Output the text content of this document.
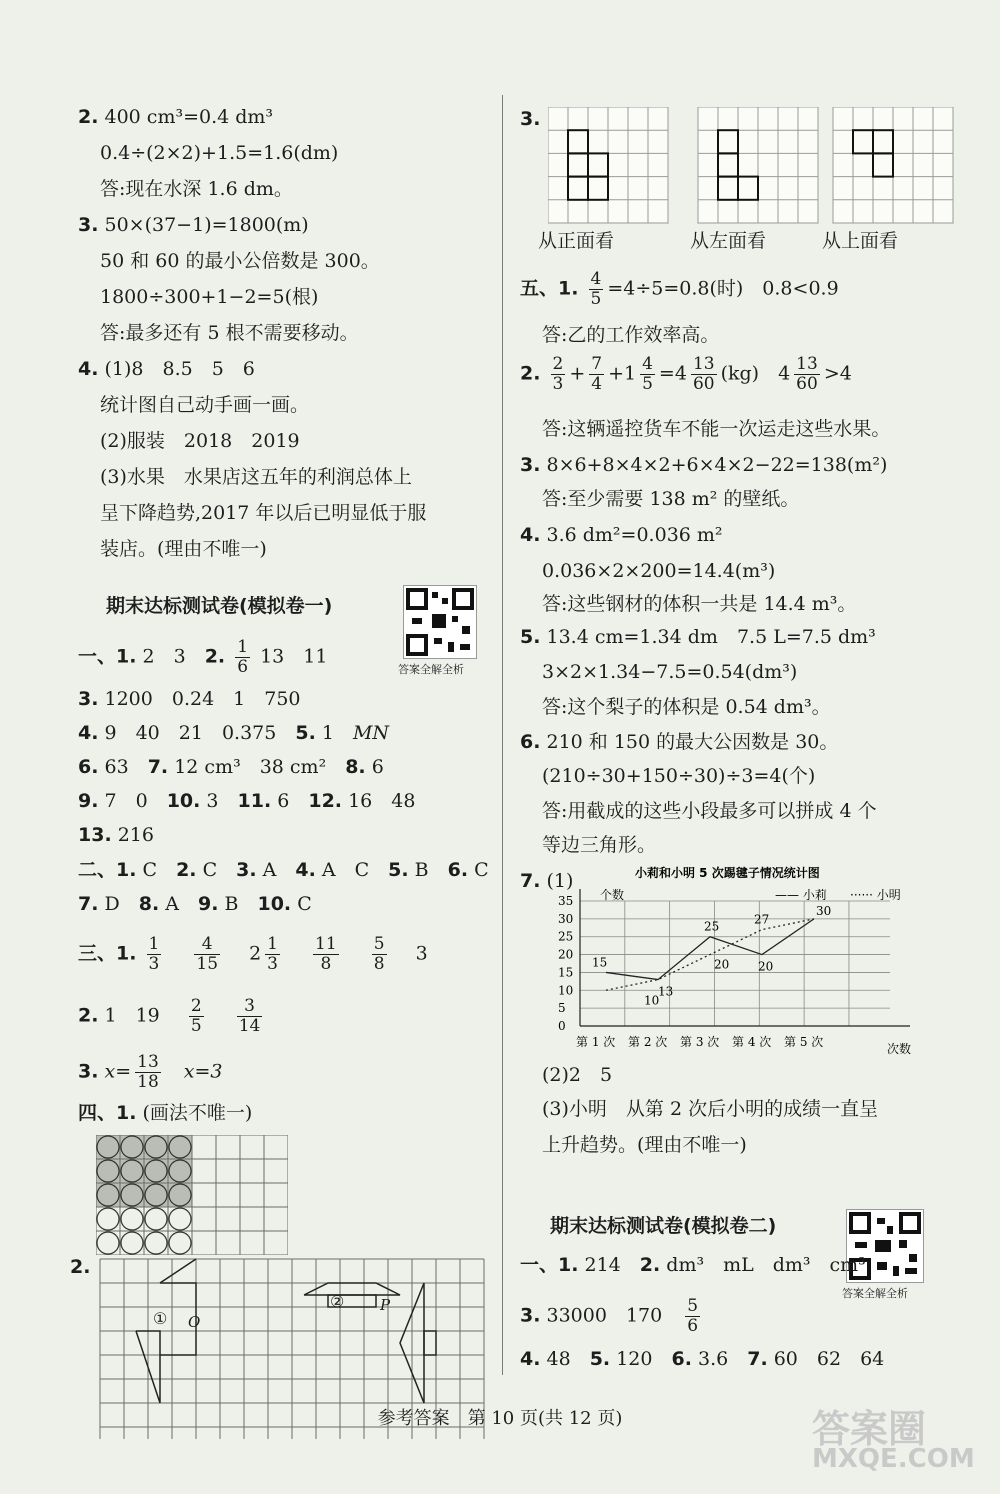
2. 400 cm³=0.4 dm³
0.4÷(2×2)+1.5=1.6(dm)
答:现在水深 1.6 dm。
3. 50×(37−1)=1800(m)
50 和 60 的最小公倍数是 300。
1800÷300+1−2=5(根)
答:最多还有 5 根不需要移动。
4. (1)8　8.5　5　6
统计图自己动手画一画。
(2)服装　2018　2019
(3)水果　水果店这五年的利润总体上
呈下降趋势,2017 年以后已明显低于服
装店。(理由不唯一)
期末达标测试卷(模拟卷一)
答案全解全析
一、1. 2　3　 2. $\frac{1}{6} 13$　11
3. 1200　0.24　1　750
4. 9　40　21　0.375　 5. 1　 MN
6. 63　 7. 12 cm³　38 cm²　 8. 6
9. 7　0　 10. 3　 11. 6　 12. 16　48
13. 216
二、1. C　 2. C　 3. A　 4. A　C　 5. B　 6. C
7. D　 8. A　 9. B　 10. C
三、1. $\frac{1}{3}$
　 $\frac{4}{15}$
　 $2 \frac{1}{3}$
　 $\frac{11}{8}$
　 $\frac{5}{8}$
　 3
2. 1　19　 $\frac{2}{5}$
　 $\frac{3}{14}$
3. $x= \frac{13}{18}$
　 x=3
四、1. (画法不唯一)
2.
① O
② P
3.
从正面看	从左面看	从上面看
五、1. $\frac{4}{5} =4\div 5=0.8$(时)　0.8<0.9
答:乙的工作效率高。
2. $\frac{2}{3} + \frac{7}{4} +1 \frac{4}{5} =4 \frac{13}{60} (kg)$　$4 \frac{13}{60} >4$
答:这辆遥控货车不能一次运走这些水果。
3. 8×6+8×4×2+6×4×2−22=138(m²)
答:至少需要 138 m² 的壁纸。
4. 3.6 dm²=0.036 m²
0.036×2×200=14.4(m³)
答:这些钢材的体积一共是 14.4 m³。
5. 13.4 cm=1.34 dm　7.5 L=7.5 dm³
3×2×1.34−7.5=0.54(dm³)
答:这个梨子的体积是 0.54 dm³。
6. 210 和 150 的最大公因数是 30。
(210÷30+150÷30)÷3=4(个)
答:用截成的这些小段最多可以拼成 4 个
等边三角形。
7. (1)	小莉和小明 5 次踢毽子情况统计图
个数	—— 小莉 ······ 小明
次数
0
5
10
15
20
25
30
35
第 1 次 第 2 次 第 3 次 第 4 次 第 5 次
15
10
13
25
20
27
20
30
(2)2　5
(3)小明　从第 2 次后小明的成绩一直呈
上升趋势。(理由不唯一)
期末达标测试卷(模拟卷二)
答案全解全析
一、1. 214　 2. dm³　mL　dm³　cm³
3. 33000　170　 $\frac{5}{6}$
4. 48　 5. 120　 6. 3.6　 7. 60　62　64
参考答案　第 10 页(共 12 页)	答案圈
MXQE.COM
